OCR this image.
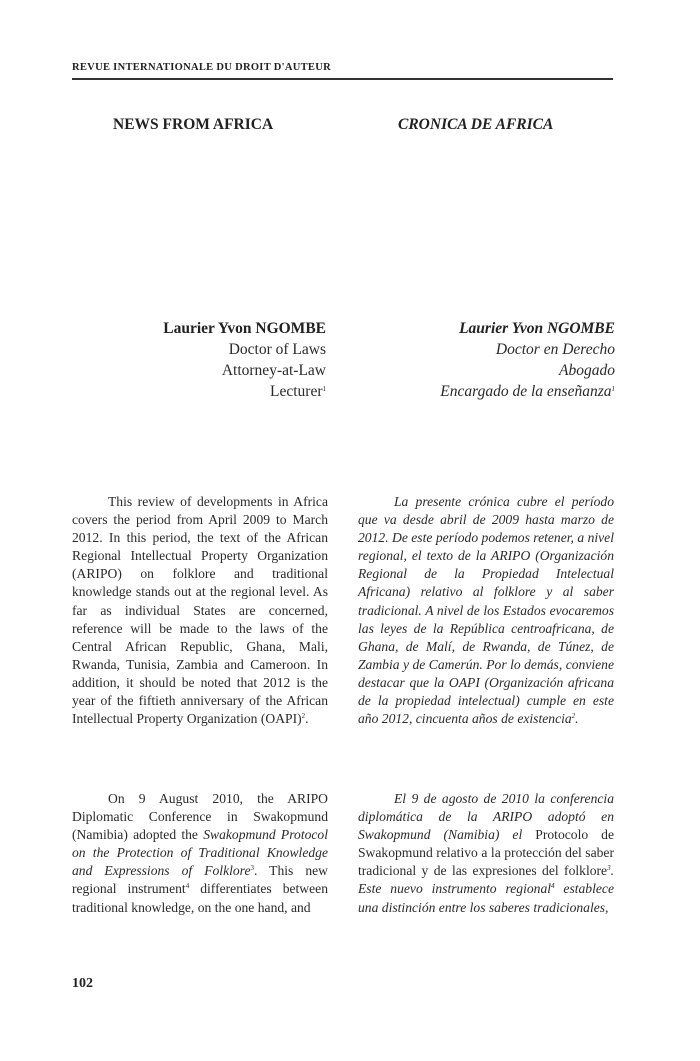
REVUE INTERNATIONALE DU DROIT D'AUTEUR
NEWS FROM AFRICA	CRONICA DE AFRICA
Laurier Yvon NGOMBE
Doctor of Laws
Attorney-at-Law
Lecturer$^1$
Laurier Yvon NGOMBE
Doctor en Derecho
Abogado
Encargado de la enseñanza$^1$

This review of developments in Africa covers the period from April 2009 to March 2012. In this period, the text of the African Regional Intellectual Property Organization (ARIPO) on folklore and traditional knowledge stands out at the regional level. As far as individual States are concerned, reference will be made to the laws of the Central African Republic, Ghana, Mali, Rwanda, Tunisia, Zambia and Cameroon. In addition, it should be noted that 2012 is the year of the fiftieth anniversary of the African Intellectual Property Organization (OAPI)$^2$.

La presente crónica cubre el período que va desde abril de 2009 hasta marzo de 2012. De este período podemos retener, a nivel regional, el texto de la ARIPO (Organización Regional de la Propiedad Intelectual Africana) relativo al folklore y al saber tradicional. A nivel de los Estados evocaremos las leyes de la República centroafricana, de Ghana, de Malí, de Rwanda, de Túnez, de Zambia y de Camerún. Por lo demás, conviene destacar que la OAPI (Organización africana de la propiedad intelectual) cumple en este año 2012, cincuenta años de existencia$^2$.

On 9 August 2010, the ARIPO Diplomatic Conference in Swakopmund (Namibia) adopted the Swakopmund Protocol on the Protection of Traditional Knowledge and Expressions of Folklore$^3$. This new regional instrument$^4$ differentiates between traditional knowledge, on the one hand, and

El 9 de agosto de 2010 la conferencia diplomática de la ARIPO adoptó en Swakopmund (Namibia) el Protocolo de Swakopmund relativo a la protección del saber tradicional y de las expresiones del folklore$^3$. Este nuevo instrumento regional$^4$ establece una distinción entre los saberes tradicionales,

102
